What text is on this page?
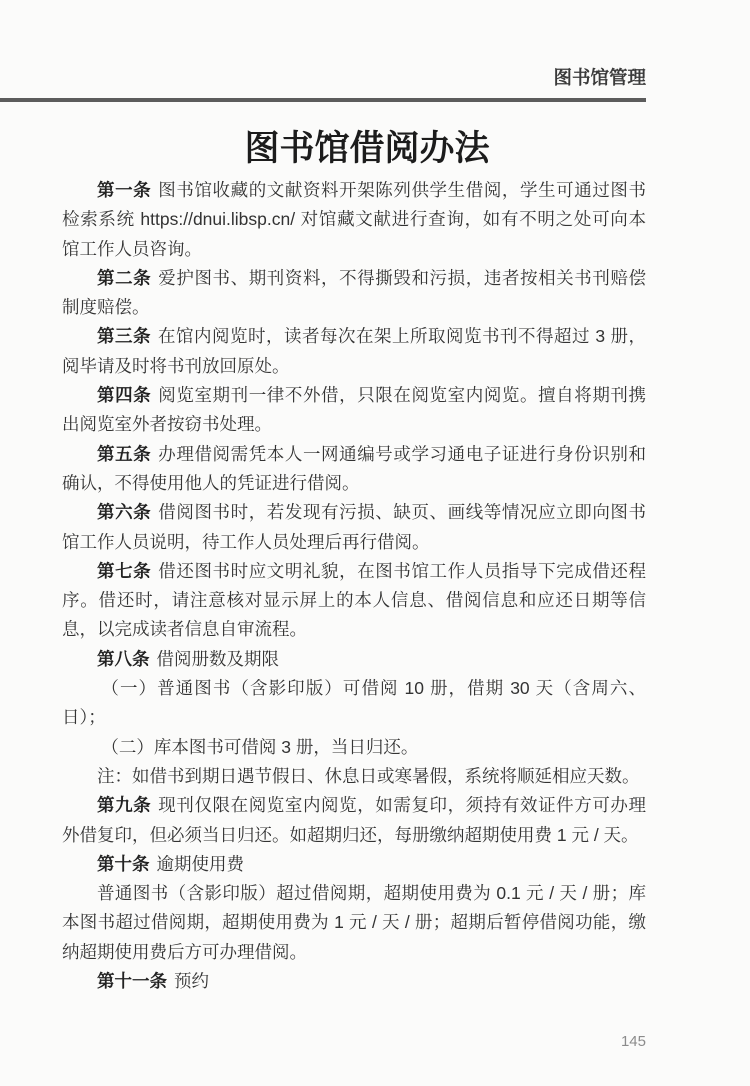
图书馆管理
图书馆借阅办法

第一条 图书馆收藏的文献资料开架陈列供学生借阅，学生可通过图书检索系统 https://dnui.libsp.cn/ 对馆藏文献进行查询，如有不明之处可向本馆工作人员咨询。

第二条 爱护图书、期刊资料，不得撕毁和污损，违者按相关书刊赔偿制度赔偿。

第三条 在馆内阅览时，读者每次在架上所取阅览书刊不得超过 3 册，阅毕请及时将书刊放回原处。

第四条 阅览室期刊一律不外借，只限在阅览室内阅览。擅自将期刊携出阅览室外者按窃书处理。

第五条 办理借阅需凭本人一网通编号或学习通电子证进行身份识别和确认，不得使用他人的凭证进行借阅。

第六条 借阅图书时，若发现有污损、缺页、画线等情况应立即向图书馆工作人员说明，待工作人员处理后再行借阅。

第七条 借还图书时应文明礼貌，在图书馆工作人员指导下完成借还程序。借还时，请注意核对显示屏上的本人信息、借阅信息和应还日期等信息，以完成读者信息自审流程。

第八条 借阅册数及期限

（一）普通图书（含影印版）可借阅 10 册，借期 30 天（含周六、日）；

（二）库本图书可借阅 3 册，当日归还。

注：如借书到期日遇节假日、休息日或寒暑假，系统将顺延相应天数。

第九条 现刊仅限在阅览室内阅览，如需复印，须持有效证件方可办理外借复印，但必须当日归还。如超期归还，每册缴纳超期使用费 1 元 / 天。

第十条 逾期使用费

普通图书（含影印版）超过借阅期，超期使用费为 0.1 元 / 天 / 册；库本图书超过借阅期，超期使用费为 1 元 / 天 / 册；超期后暂停借阅功能，缴纳超期使用费后方可办理借阅。

第十一条 预约

145
